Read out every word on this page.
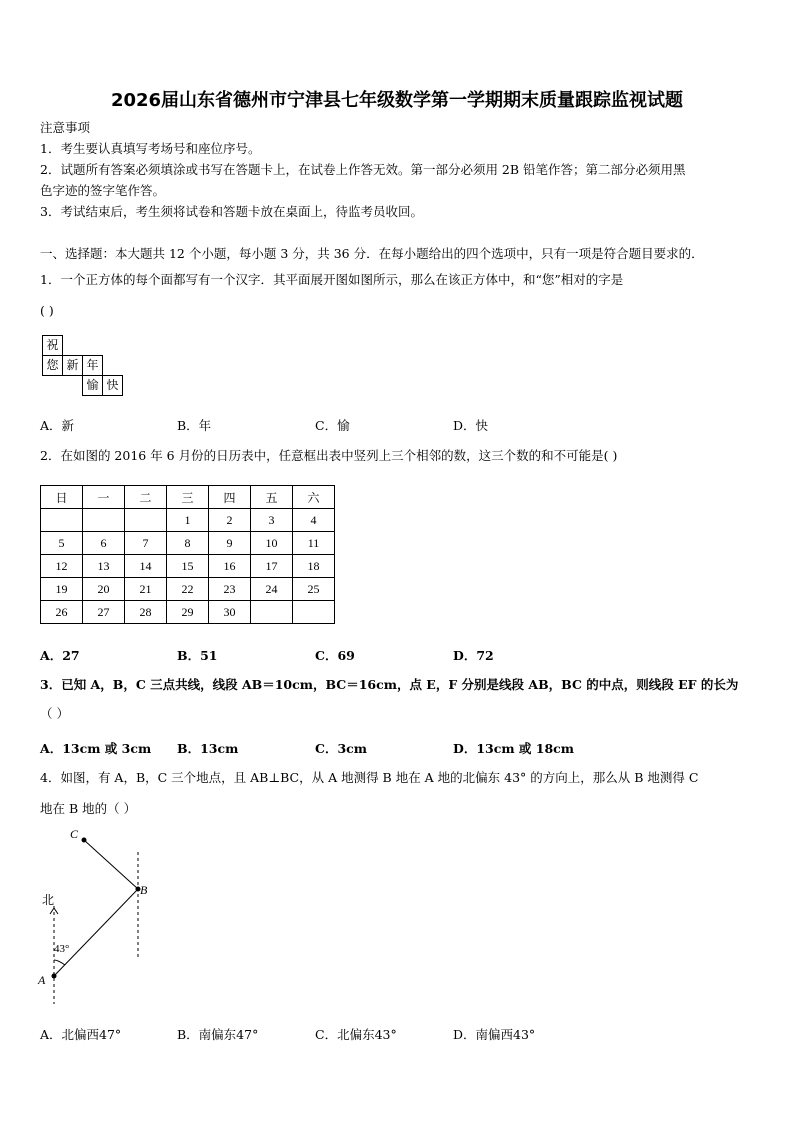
2026届山东省德州市宁津县七年级数学第一学期期末质量跟踪监视试题
注意事项
1．考生要认真填写考场号和座位序号。
2．试题所有答案必须填涂或书写在答题卡上，在试卷上作答无效。第一部分必须用 2B 铅笔作答；第二部分必须用黑
色字迹的签字笔作答。
3．考试结束后，考生须将试卷和答题卡放在桌面上，待监考员收回。
一、选择题：本大题共 12 个小题，每小题 3 分，共 36 分．在每小题给出的四个选项中，只有一项是符合题目要求的．
1．一个正方体的每个面都写有一个汉字．其平面展开图如图所示，那么在该正方体中，和“您”相对的字是
( )
祝
您 新 年
愉 快
A．新	B．年	C．愉	D．快
2．在如图的 2016 年 6 月份的日历表中，任意框出表中竖列上三个相邻的数，这三个数的和不可能是( )
日	一	二	三	四	五	六
			1	2	3	4
5	6	7	8	9	10	11
12	13	14	15	16	17	18
19	20	21	22	23	24	25
26	27	28	29	30		
A．27	B．51	C．69	D．72
3．已知 A，B，C 三点共线，线段 AB＝10cm，BC＝16cm，点 E，F 分别是线段 AB，BC 的中点，则线段 EF 的长为
（ ）
A．13cm 或 3cm B．13cm	C．3cm	D．13cm 或 18cm
4．如图，有 A，B，C 三个地点，且 AB⊥BC，从 A 地测得 B 地在 A 地的北偏东 43° 的方向上，那么从 B 地测得 C
地在 B 地的（ ）
C
B
A
北
43°
A．北偏西47°	B．南偏东47°	C．北偏东43°	D．南偏西43°
